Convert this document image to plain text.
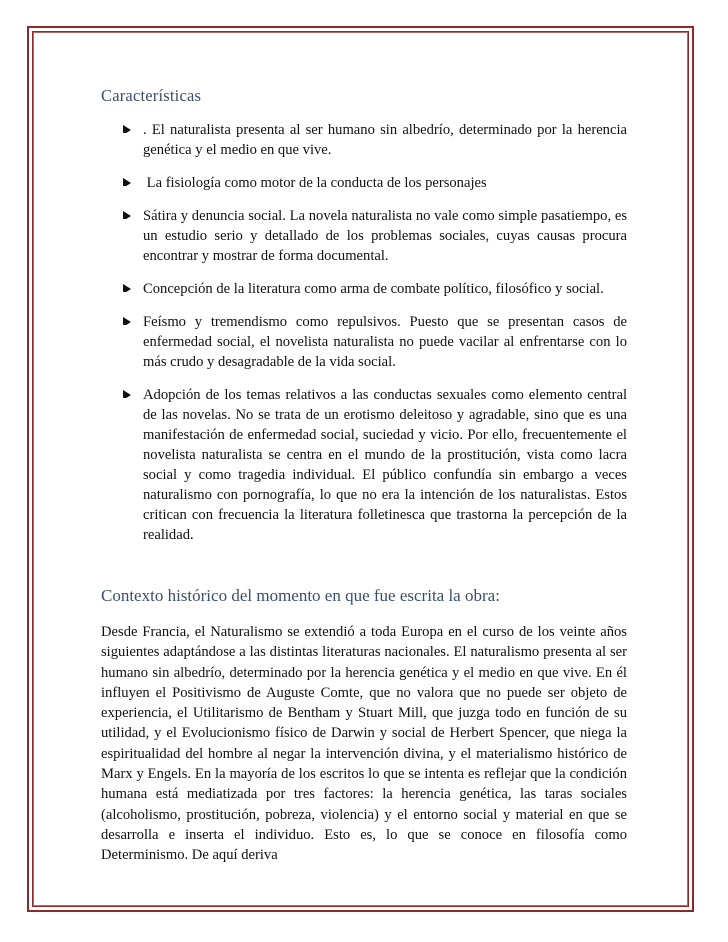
Características
. El naturalista presenta al ser humano sin albedrío, determinado por la herencia genética y el medio en que vive.
La fisiología como motor de la conducta de los personajes
Sátira y denuncia social. La novela naturalista no vale como simple pasatiempo, es un estudio serio y detallado de los problemas sociales, cuyas causas procura encontrar y mostrar de forma documental.
Concepción de la literatura como arma de combate político, filosófico y social.
Feísmo y tremendismo como repulsivos. Puesto que se presentan casos de enfermedad social, el novelista naturalista no puede vacilar al enfrentarse con lo más crudo y desagradable de la vida social.
Adopción de los temas relativos a las conductas sexuales como elemento central de las novelas. No se trata de un erotismo deleitoso y agradable, sino que es una manifestación de enfermedad social, suciedad y vicio. Por ello, frecuentemente el novelista naturalista se centra en el mundo de la prostitución, vista como lacra social y como tragedia individual. El público confundía sin embargo a veces naturalismo con pornografía, lo que no era la intención de los naturalistas. Estos critican con frecuencia la literatura folletinesca que trastorna la percepción de la realidad.
Contexto histórico del momento en que fue escrita la obra:

Desde Francia, el Naturalismo se extendió a toda Europa en el curso de los veinte años siguientes adaptándose a las distintas literaturas nacionales. El naturalismo presenta al ser humano sin albedrío, determinado por la herencia genética y el medio en que vive. En él influyen el Positivismo de Auguste Comte, que no valora que no puede ser objeto de experiencia, el Utilitarismo de Bentham y Stuart Mill, que juzga todo en función de su utilidad, y el Evolucionismo físico de Darwin y social de Herbert Spencer, que niega la espiritualidad del hombre al negar la intervención divina, y el materialismo histórico de Marx y Engels. En la mayoría de los escritos lo que se intenta es reflejar que la condición humana está mediatizada por tres factores: la herencia genética, las taras sociales (alcoholismo, prostitución, pobreza, violencia) y el entorno social y material en que se desarrolla e inserta el individuo. Esto es, lo que se conoce en filosofía como Determinismo. De aquí deriva
